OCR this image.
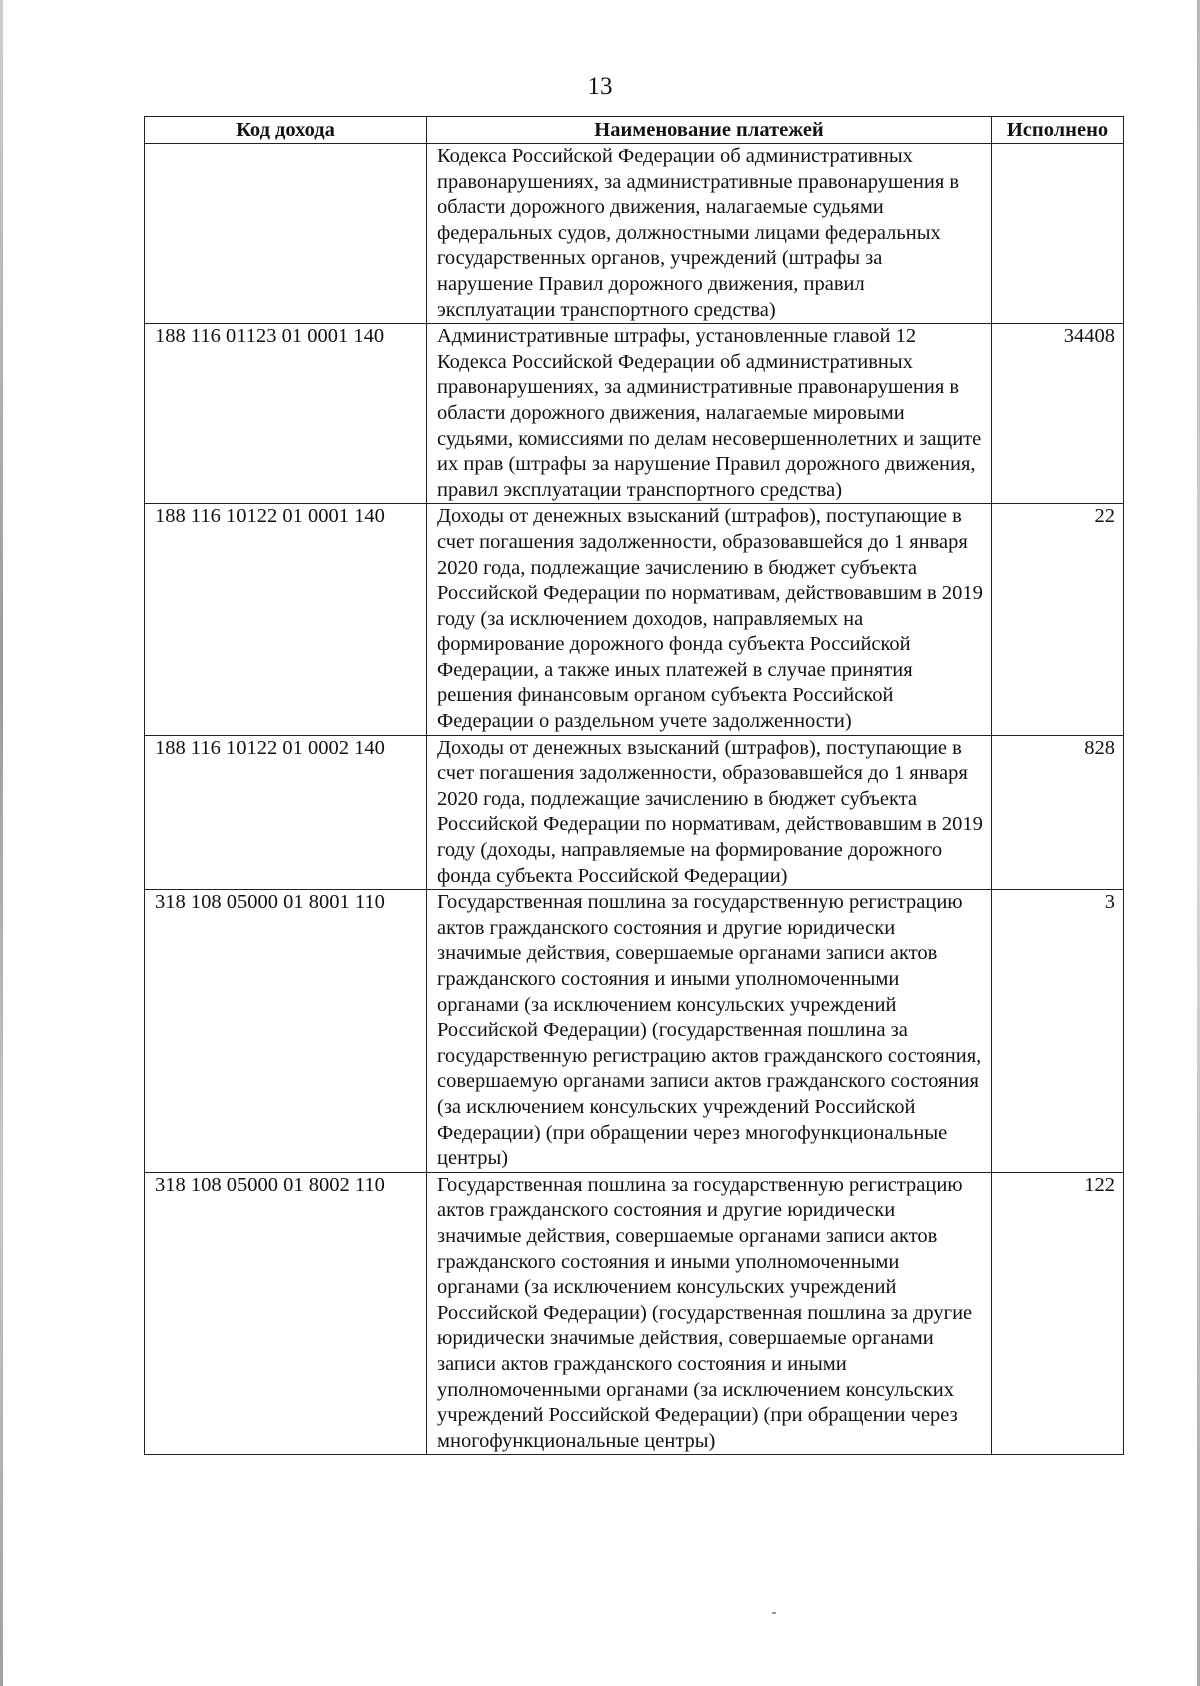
13
Код дохода	Наименование платежей	Исполнено
	Кодекса Российской Федерации об административных правонарушениях, за административные правонарушения в области дорожного движения, налагаемые судьями федеральных судов, должностными лицами федеральных государственных органов, учреждений (штрафы за нарушение Правил дорожного движения, правил эксплуатации транспортного средства)	
188 116 01123 01 0001 140	Административные штрафы, установленные главой 12 Кодекса Российской Федерации об административных правонарушениях, за административные правонарушения в области дорожного движения, налагаемые мировыми судьями, комиссиями по делам несовершеннолетних и защите их прав (штрафы за нарушение Правил дорожного движения, правил эксплуатации транспортного средства)	34408
188 116 10122 01 0001 140	Доходы от денежных взысканий (штрафов), поступающие в счет погашения задолженности, образовавшейся до 1 января 2020 года, подлежащие зачислению в бюджет субъекта Российской Федерации по нормативам, действовавшим в 2019 году (за исключением доходов, направляемых на формирование дорожного фонда субъекта Российской Федерации, а также иных платежей в случае принятия решения финансовым органом субъекта Российской Федерации о раздельном учете задолженности)	22
188 116 10122 01 0002 140	Доходы от денежных взысканий (штрафов), поступающие в счет погашения задолженности, образовавшейся до 1 января 2020 года, подлежащие зачислению в бюджет субъекта Российской Федерации по нормативам, действовавшим в 2019 году (доходы, направляемые на формирование дорожного фонда субъекта Российской Федерации)	828
318 108 05000 01 8001 110	Государственная пошлина за государственную регистрацию актов гражданского состояния и другие юридически значимые действия, совершаемые органами записи актов гражданского состояния и иными уполномоченными органами (за исключением консульских учреждений Российской Федерации) (государственная пошлина за государственную регистрацию актов гражданского состояния, совершаемую органами записи актов гражданского состояния (за исключением консульских учреждений Российской Федерации) (при обращении через многофункциональные центры)	3
318 108 05000 01 8002 110	Государственная пошлина за государственную регистрацию актов гражданского состояния и другие юридически значимые действия, совершаемые органами записи актов гражданского состояния и иными уполномоченными органами (за исключением консульских учреждений Российской Федерации) (государственная пошлина за другие юридически значимые действия, совершаемые органами записи актов гражданского состояния и иными уполномоченными органами (за исключением консульских учреждений Российской Федерации) (при обращении через многофункциональные центры)	122
